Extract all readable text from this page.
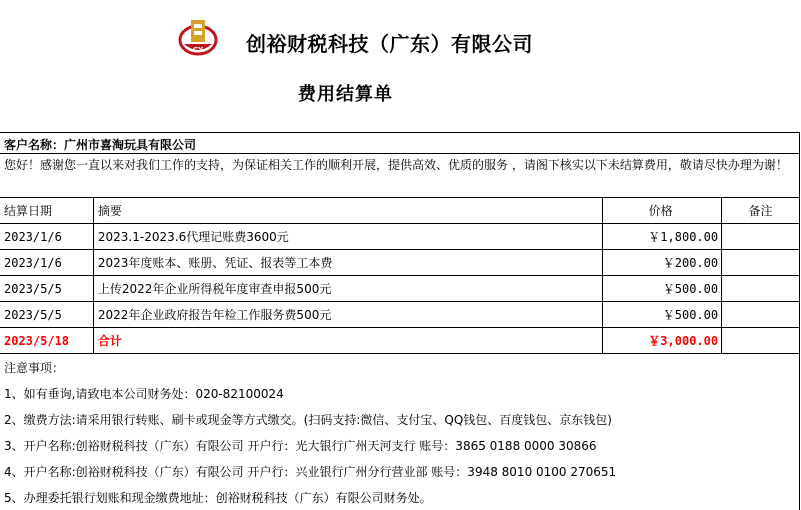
CY 创裕财税科技（广东）有限公司
费用结算单
客户名称：广州市喜淘玩具有限公司
您好！感谢您一直以来对我们工作的支持，为保证相关工作的顺利开展，提供高效、优质的服务 ，请阁下核实以下未结算费用，敬请尽快办理为谢！
结算日期	摘要	价格	备注
2023/1/6	2023.1-2023.6代理记账费3600元	￥1,800.00
2023/1/6	2023年度账本、账册、凭证、报表等工本费	￥200.00
2023/5/5	上传2022年企业所得税年度审查申报500元	￥500.00
2023/5/5	2022年企业政府报告年检工作服务费500元	￥500.00
2023/5/18	合计	￥3,000.00
注意事项：
1、如有垂询,请致电本公司财务处：020-82100024
2、缴费方法:请采用银行转账、刷卡或现金等方式缴交。(扫码支持:微信、支付宝、QQ钱包、百度钱包、京东钱包)
3、开户名称:创裕财税科技（广东）有限公司 开户行：光大银行广州天河支行 账号：3865 0188 0000 30866
4、开户名称:创裕财税科技（广东）有限公司 开户行：兴业银行广州分行营业部 账号：3948 8010 0100 270651
5、办理委托银行划账和现金缴费地址：创裕财税科技（广东）有限公司财务处。
